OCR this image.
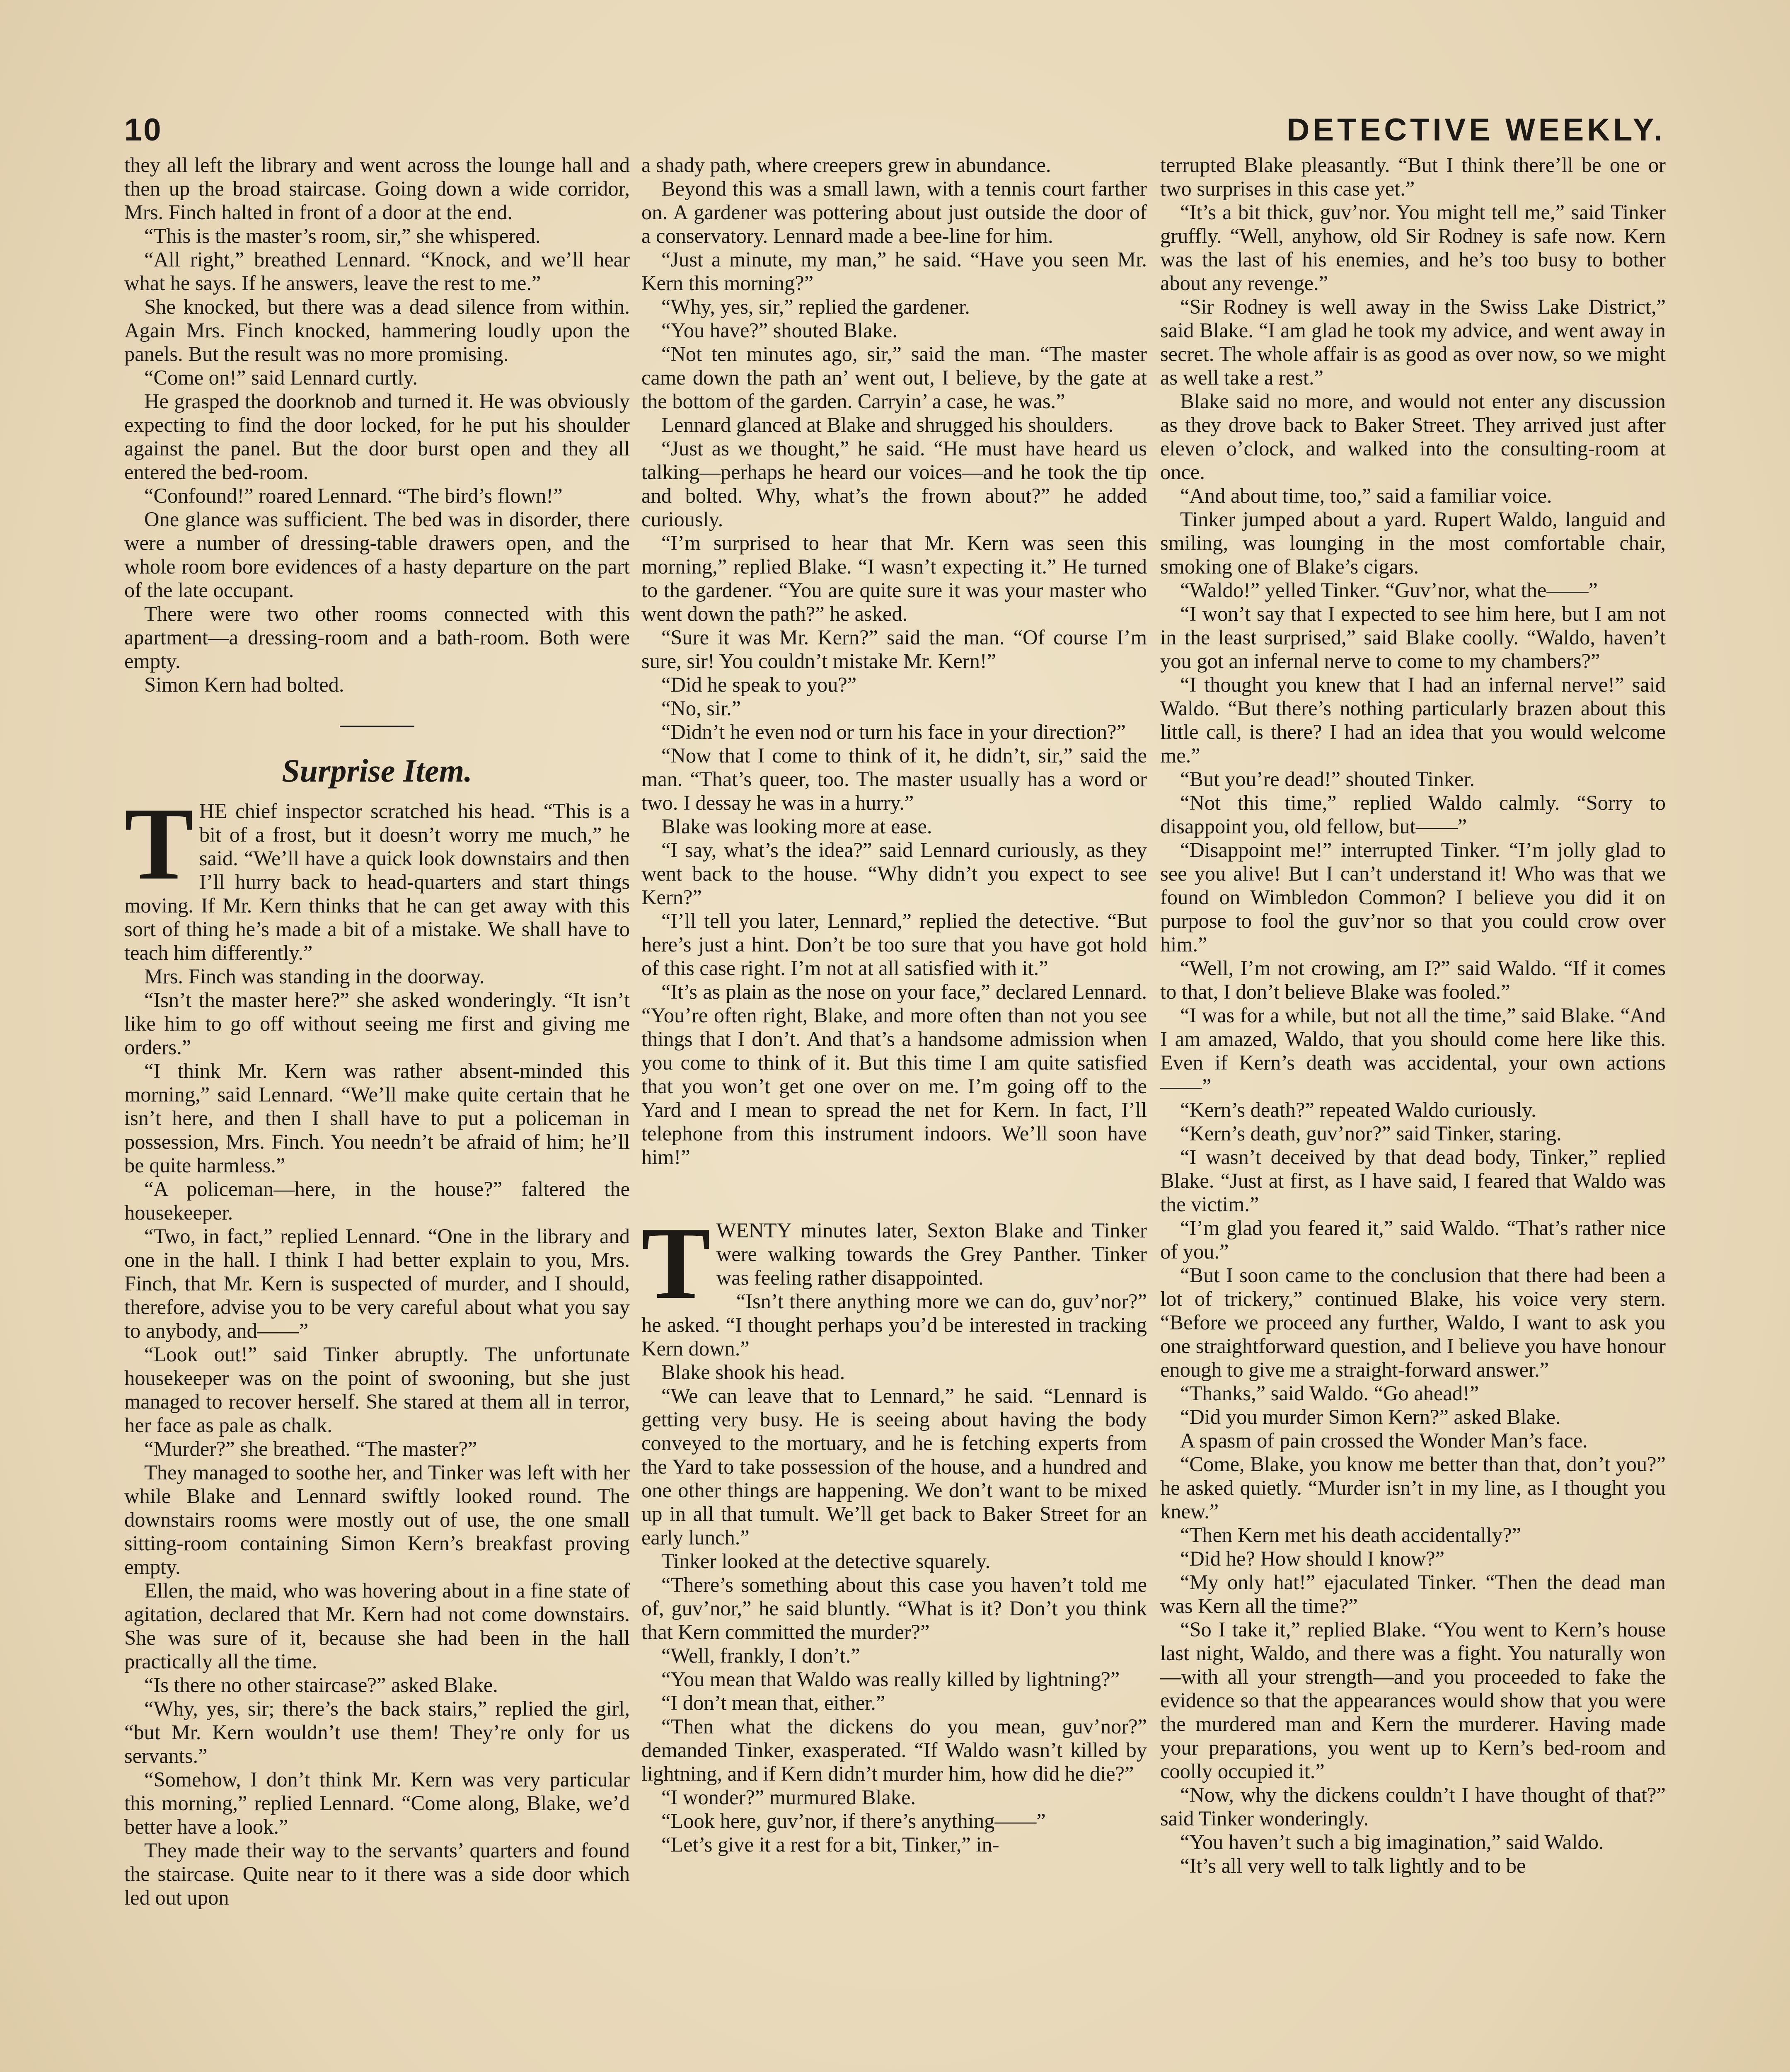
10	DETECTIVE WEEKLY.

they all left the library and went across the lounge hall and then up the broad staircase. Going down a wide corridor, Mrs. Finch halted in front of a door at the end.

“This is the master’s room, sir,” she whispered.

“All right,” breathed Lennard. “Knock, and we’ll hear what he says. If he answers, leave the rest to me.”

She knocked, but there was a dead silence from within. Again Mrs. Finch knocked, hammering loudly upon the panels. But the result was no more promising.

“Come on!” said Lennard curtly.

He grasped the doorknob and turned it. He was obviously expecting to find the door locked, for he put his shoulder against the panel. But the door burst open and they all entered the bed-room.

“Confound!” roared Lennard. “The bird’s flown!”

One glance was sufficient. The bed was in disorder, there were a number of dressing-table drawers open, and the whole room bore evidences of a hasty departure on the part of the late occupant.

There were two other rooms connected with this apartment—a dressing-room and a bath-room. Both were empty.

Simon Kern had bolted.

Surprise Item.

THE chief inspector scratched his head. “This is a bit of a frost, but it doesn’t worry me much,” he said. “We’ll have a quick look downstairs and then I’ll hurry back to head-quarters and start things moving. If Mr. Kern thinks that he can get away with this sort of thing he’s made a bit of a mistake. We shall have to teach him differently.”

Mrs. Finch was standing in the doorway.

“Isn’t the master here?” she asked wonderingly. “It isn’t like him to go off without seeing me first and giving me orders.”

“I think Mr. Kern was rather absent-minded this morning,” said Lennard. “We’ll make quite certain that he isn’t here, and then I shall have to put a policeman in possession, Mrs. Finch. You needn’t be afraid of him; he’ll be quite harmless.”

“A policeman—here, in the house?” faltered the housekeeper.

“Two, in fact,” replied Lennard. “One in the library and one in the hall. I think I had better explain to you, Mrs. Finch, that Mr. Kern is suspected of murder, and I should, therefore, advise you to be very careful about what you say to anybody, and——”

“Look out!” said Tinker abruptly. The unfortunate housekeeper was on the point of swooning, but she just managed to recover herself. She stared at them all in terror, her face as pale as chalk.

“Murder?” she breathed. “The master?”

They managed to soothe her, and Tinker was left with her while Blake and Lennard swiftly looked round. The downstairs rooms were mostly out of use, the one small sitting-room containing Simon Kern’s breakfast proving empty.

Ellen, the maid, who was hovering about in a fine state of agitation, declared that Mr. Kern had not come downstairs. She was sure of it, because she had been in the hall practically all the time.

“Is there no other staircase?” asked Blake.

“Why, yes, sir; there’s the back stairs,” replied the girl, “but Mr. Kern wouldn’t use them! They’re only for us servants.”

“Somehow, I don’t think Mr. Kern was very particular this morning,” replied Lennard. “Come along, Blake, we’d better have a look.”

They made their way to the servants’ quarters and found the staircase. Quite near to it there was a side door which led out upon

a shady path, where creepers grew in abundance.

Beyond this was a small lawn, with a tennis court farther on. A gardener was pottering about just outside the door of a conservatory. Lennard made a bee-line for him.

“Just a minute, my man,” he said. “Have you seen Mr. Kern this morning?”

“Why, yes, sir,” replied the gardener.

“You have?” shouted Blake.

“Not ten minutes ago, sir,” said the man. “The master came down the path an’ went out, I believe, by the gate at the bottom of the garden. Carryin’ a case, he was.”

Lennard glanced at Blake and shrugged his shoulders.

“Just as we thought,” he said. “He must have heard us talking—perhaps he heard our voices—and he took the tip and bolted. Why, what’s the frown about?” he added curiously.

“I’m surprised to hear that Mr. Kern was seen this morning,” replied Blake. “I wasn’t expecting it.” He turned to the gardener. “You are quite sure it was your master who went down the path?” he asked.

“Sure it was Mr. Kern?” said the man. “Of course I’m sure, sir! You couldn’t mistake Mr. Kern!”

“Did he speak to you?”

“No, sir.”

“Didn’t he even nod or turn his face in your direction?”

“Now that I come to think of it, he didn’t, sir,” said the man. “That’s queer, too. The master usually has a word or two. I dessay he was in a hurry.”

Blake was looking more at ease.

“I say, what’s the idea?” said Lennard curiously, as they went back to the house. “Why didn’t you expect to see Kern?”

“I’ll tell you later, Lennard,” replied the detective. “But here’s just a hint. Don’t be too sure that you have got hold of this case right. I’m not at all satisfied with it.”

“It’s as plain as the nose on your face,” declared Lennard. “You’re often right, Blake, and more often than not you see things that I don’t. And that’s a handsome admission when you come to think of it. But this time I am quite satisfied that you won’t get one over on me. I’m going off to the Yard and I mean to spread the net for Kern. In fact, I’ll telephone from this instrument indoors. We’ll soon have him!”

TWENTY minutes later, Sexton Blake and Tinker were walking towards the Grey Panther. Tinker was feeling rather disappointed.

“Isn’t there anything more we can do, guv’nor?” he asked. “I thought perhaps you’d be interested in tracking Kern down.”

Blake shook his head.

“We can leave that to Lennard,” he said. “Lennard is getting very busy. He is seeing about having the body conveyed to the mortuary, and he is fetching experts from the Yard to take possession of the house, and a hundred and one other things are happening. We don’t want to be mixed up in all that tumult. We’ll get back to Baker Street for an early lunch.”

Tinker looked at the detective squarely.

“There’s something about this case you haven’t told me of, guv’nor,” he said bluntly. “What is it? Don’t you think that Kern committed the murder?”

“Well, frankly, I don’t.”

“You mean that Waldo was really killed by lightning?”

“I don’t mean that, either.”

“Then what the dickens do you mean, guv’nor?” demanded Tinker, exasperated. “If Waldo wasn’t killed by lightning, and if Kern didn’t murder him, how did he die?”

“I wonder?” murmured Blake.

“Look here, guv’nor, if there’s anything——”

“Let’s give it a rest for a bit, Tinker,” in-

terrupted Blake pleasantly. “But I think there’ll be one or two surprises in this case yet.”

“It’s a bit thick, guv’nor. You might tell me,” said Tinker gruffly. “Well, anyhow, old Sir Rodney is safe now. Kern was the last of his enemies, and he’s too busy to bother about any revenge.”

“Sir Rodney is well away in the Swiss Lake District,” said Blake. “I am glad he took my advice, and went away in secret. The whole affair is as good as over now, so we might as well take a rest.”

Blake said no more, and would not enter any discussion as they drove back to Baker Street. They arrived just after eleven o’clock, and walked into the consulting-room at once.

“And about time, too,” said a familiar voice.

Tinker jumped about a yard. Rupert Waldo, languid and smiling, was lounging in the most comfortable chair, smoking one of Blake’s cigars.

“Waldo!” yelled Tinker. “Guv’nor, what the——”

“I won’t say that I expected to see him here, but I am not in the least surprised,” said Blake coolly. “Waldo, haven’t you got an infernal nerve to come to my chambers?”

“I thought you knew that I had an infernal nerve!” said Waldo. “But there’s nothing particularly brazen about this little call, is there? I had an idea that you would welcome me.”

“But you’re dead!” shouted Tinker.

“Not this time,” replied Waldo calmly. “Sorry to disappoint you, old fellow, but——”

“Disappoint me!” interrupted Tinker. “I’m jolly glad to see you alive! But I can’t understand it! Who was that we found on Wimbledon Common? I believe you did it on purpose to fool the guv’nor so that you could crow over him.”

“Well, I’m not crowing, am I?” said Waldo. “If it comes to that, I don’t believe Blake was fooled.”

“I was for a while, but not all the time,” said Blake. “And I am amazed, Waldo, that you should come here like this. Even if Kern’s death was accidental, your own actions——”

“Kern’s death?” repeated Waldo curiously.

“Kern’s death, guv’nor?” said Tinker, staring.

“I wasn’t deceived by that dead body, Tinker,” replied Blake. “Just at first, as I have said, I feared that Waldo was the victim.”

“I’m glad you feared it,” said Waldo. “That’s rather nice of you.”

“But I soon came to the conclusion that there had been a lot of trickery,” continued Blake, his voice very stern. “Before we proceed any further, Waldo, I want to ask you one straightforward question, and I believe you have honour enough to give me a straight-forward answer.”

“Thanks,” said Waldo. “Go ahead!”

“Did you murder Simon Kern?” asked Blake.

A spasm of pain crossed the Wonder Man’s face.

“Come, Blake, you know me better than that, don’t you?” he asked quietly. “Murder isn’t in my line, as I thought you knew.”

“Then Kern met his death accidentally?”

“Did he? How should I know?”

“My only hat!” ejaculated Tinker. “Then the dead man was Kern all the time?”

“So I take it,” replied Blake. “You went to Kern’s house last night, Waldo, and there was a fight. You naturally won—with all your strength—and you proceeded to fake the evidence so that the appearances would show that you were the murdered man and Kern the murderer. Having made your preparations, you went up to Kern’s bed-room and coolly occupied it.”

“Now, why the dickens couldn’t I have thought of that?” said Tinker wonderingly.

“You haven’t such a big imagination,” said Waldo.

“It’s all very well to talk lightly and to be
